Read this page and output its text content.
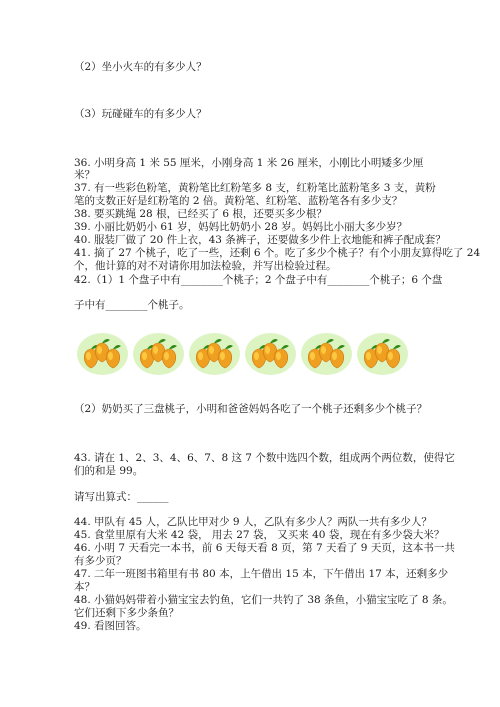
（2）坐小火车的有多少人？
（3）玩碰碰车的有多少人？
36. 小明身高 1 米 55 厘米，小刚身高 1 米 26 厘米，小刚比小明矮多少厘
米？
37. 有一些彩色粉笔，黄粉笔比红粉笔多 8 支，红粉笔比蓝粉笔多 3 支，黄粉
笔的支数正好是红粉笔的 2 倍。黄粉笔、红粉笔、蓝粉笔各有多少支？
38. 要买跳绳 28 根，已经买了 6 根，还要买多少根？
39. 小丽比奶奶小 61 岁，妈妈比奶奶小 28 岁。妈妈比小丽大多少岁？
40. 服装厂做了 20 件上衣，43 条裤子，还要做多少件上衣地能和裤子配成套？
41. 摘了 27 个桃子，吃了一些，还剩 6 个。吃了多少个桃子？有个小朋友算得吃了 24
个，他计算的对不对请你用加法检验，并写出检验过程。
42.（1）1 个盘子中有________个桃子；2 个盘子中有________个桃子；6 个盘
子中有________个桃子。
（2）奶奶买了三盘桃子，小明和爸爸妈妈各吃了一个桃子还剩多少个桃子？
43. 请在 1、2、3、4、6、7、8 这 7 个数中选四个数，组成两个两位数，使得它
们的和是 99。
请写出算式：______
44. 甲队有 45 人，乙队比甲对少 9 人，乙队有多少人？两队一共有多少人？
45. 食堂里原有大米 42 袋， 用去 27 袋， 又买来 40 袋，现在有多少袋大米？
46. 小明 7 天看完一本书，前 6 天每天看 8 页，第 7 天看了 9 天页，这本书一共
有多少页？
47. 二年一班图书箱里有书 80 本，上午借出 15 本，下午借出 17 本，还剩多少
本？
48. 小猫妈妈带着小猫宝宝去钓鱼，它们一共钓了 38 条鱼，小猫宝宝吃了 8 条。
它们还剩下多少条鱼？
49. 看图回答。
